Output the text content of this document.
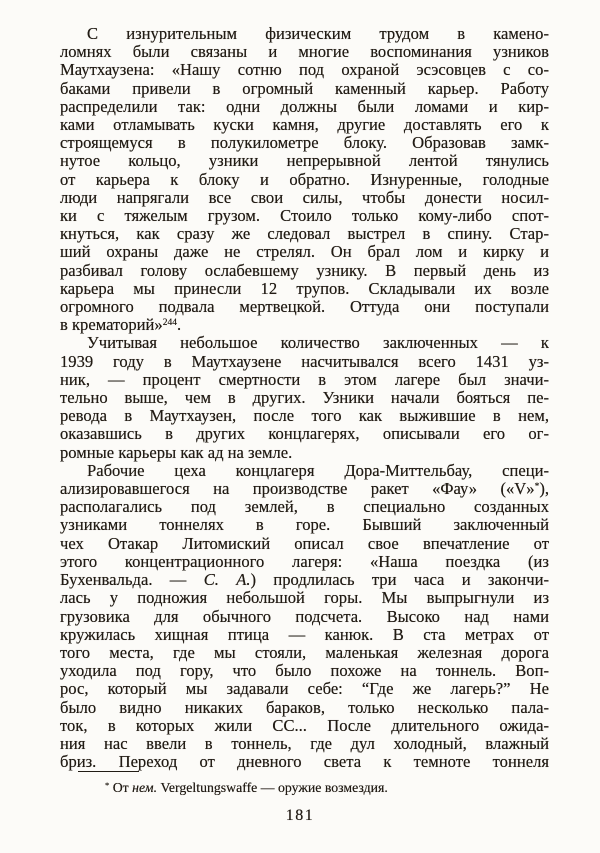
С изнурительным физическим трудом в камено-
ломнях были связаны и многие воспоминания узников
Маутхаузена: «Нашу сотню под охраной эсэсовцев с со-
баками привели в огромный каменный карьер. Работу
распределили так: одни должны были ломами и кир-
ками отламывать куски камня, другие доставлять его к
строящемуся в полукилометре блоку. Образовав замк-
нутое кольцо, узники непрерывной лентой тянулись
от карьера к блоку и обратно. Изнуренные, голодные
люди напрягали все свои силы, чтобы донести носил-
ки с тяжелым грузом. Стоило только кому-либо спот-
кнуться, как сразу же следовал выстрел в спину. Стар-
ший охраны даже не стрелял. Он брал лом и кирку и
разбивал голову ослабевшему узнику. В первый день из
карьера мы принесли 12 трупов. Складывали их возле
огромного подвала мертвецкой. Оттуда они поступали
в крематорий»$^{244}$.
Учитывая небольшое количество заключенных — к
1939 году в Маутхаузене насчитывался всего 1431 уз-
ник, — процент смертности в этом лагере был значи-
тельно выше, чем в других. Узники начали бояться пе-
ревода в Маутхаузен, после того как выжившие в нем,
оказавшись в других концлагерях, описывали его ог-
ромные карьеры как ад на земле.
Рабочие цеха концлагеря Дора-Миттельбау, специ-
ализировавшегося на производстве ракет «Фау» («V»*),
располагались под землей, в специально созданных
узниками тоннелях в горе. Бывший заключенный
чех Отакар Литомиский описал свое впечатление от
этого концентрационного лагеря: «Наша поездка (из
Бухенвальда. — С. А.) продлилась три часа и закончи-
лась у подножия небольшой горы. Мы выпрыгнули из
грузовика для обычного подсчета. Высоко над нами
кружилась хищная птица — канюк. В ста метрах от
того места, где мы стояли, маленькая железная дорога
уходила под гору, что было похоже на тоннель. Воп-
рос, который мы задавали себе: “Где же лагерь?” Не
было видно никаких бараков, только несколько пала-
ток, в которых жили СС... После длительного ожида-
ния нас ввели в тоннель, где дул холодный, влажный
бриз. Переход от дневного света к темноте тоннеля
* От нем. Vergeltungswaffe — оружие возмездия.
181
